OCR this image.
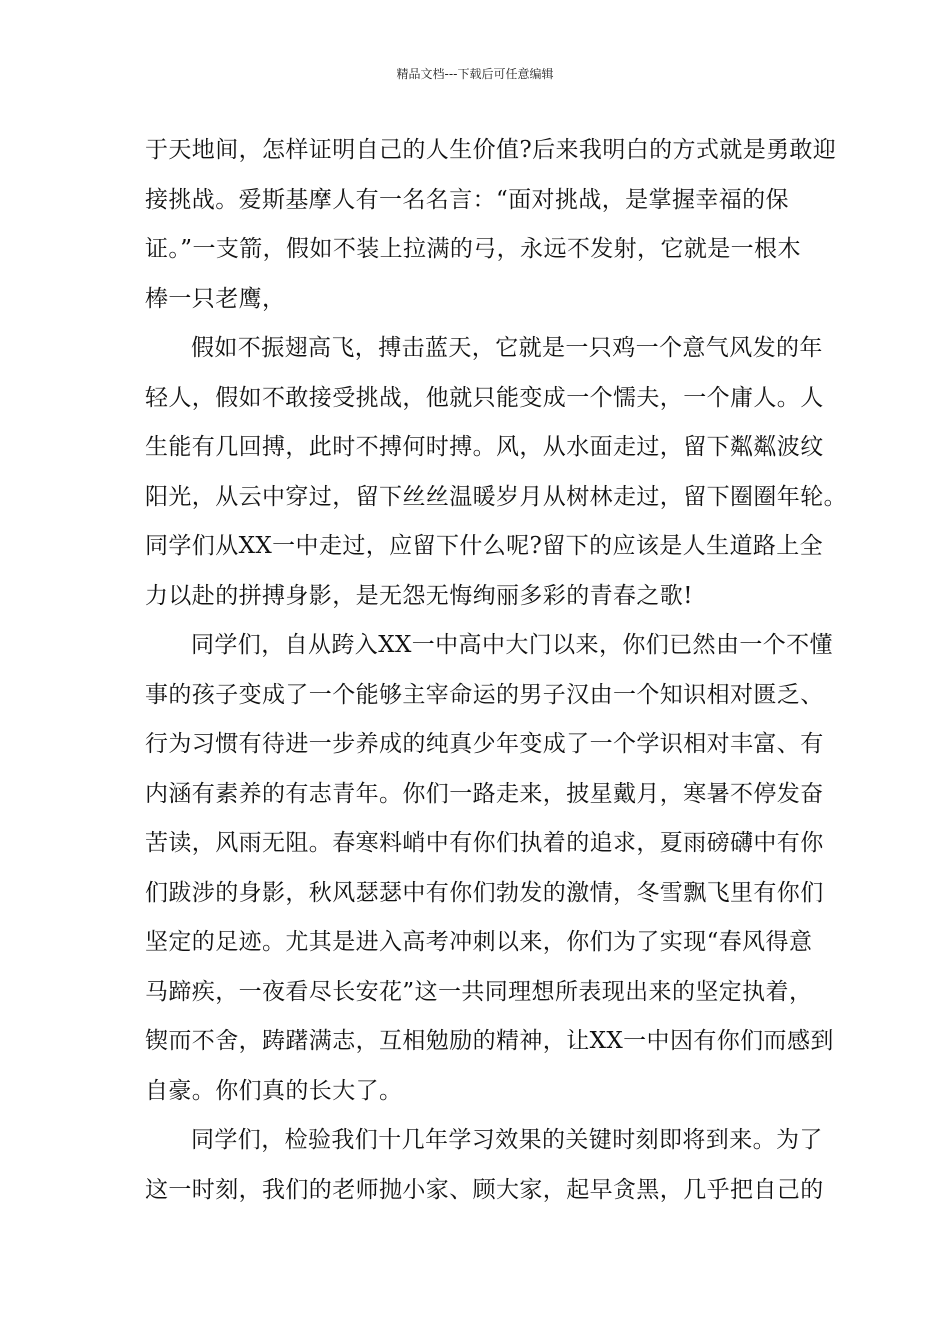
精品文档---下载后可任意编辑
于天地间，怎样证明自己的人生价值?后来我明白的方式就是勇敢迎
接挑战。爱斯基摩人有一名名言：“面对挑战，是掌握幸福的保
证。”一支箭，假如不装上拉满的弓，永远不发射，它就是一根木
棒一只老鹰，
假如不振翅高飞，搏击蓝天，它就是一只鸡一个意气风发的年
轻人，假如不敢接受挑战，他就只能变成一个懦夫，一个庸人。人
生能有几回搏，此时不搏何时搏。风，从水面走过，留下粼粼波纹
阳光，从云中穿过，留下丝丝温暖岁月从树林走过，留下圈圈年轮。
同学们从XX一中走过，应留下什么呢?留下的应该是人生道路上全
力以赴的拼搏身影，是无怨无悔绚丽多彩的青春之歌!
同学们，自从跨入XX一中高中大门以来，你们已然由一个不懂
事的孩子变成了一个能够主宰命运的男子汉由一个知识相对匮乏、
行为习惯有待进一步养成的纯真少年变成了一个学识相对丰富、有
内涵有素养的有志青年。你们一路走来，披星戴月，寒暑不停发奋
苦读，风雨无阻。春寒料峭中有你们执着的追求，夏雨磅礴中有你
们跋涉的身影，秋风瑟瑟中有你们勃发的激情，冬雪飘飞里有你们
坚定的足迹。尤其是进入高考冲刺以来，你们为了实现“春风得意
马蹄疾，一夜看尽长安花”这一共同理想所表现出来的坚定执着，
锲而不舍，踌躇满志，互相勉励的精神，让XX一中因有你们而感到
自豪。你们真的长大了。
同学们，检验我们十几年学习效果的关键时刻即将到来。为了
这一时刻，我们的老师抛小家、顾大家，起早贪黑，几乎把自己的
